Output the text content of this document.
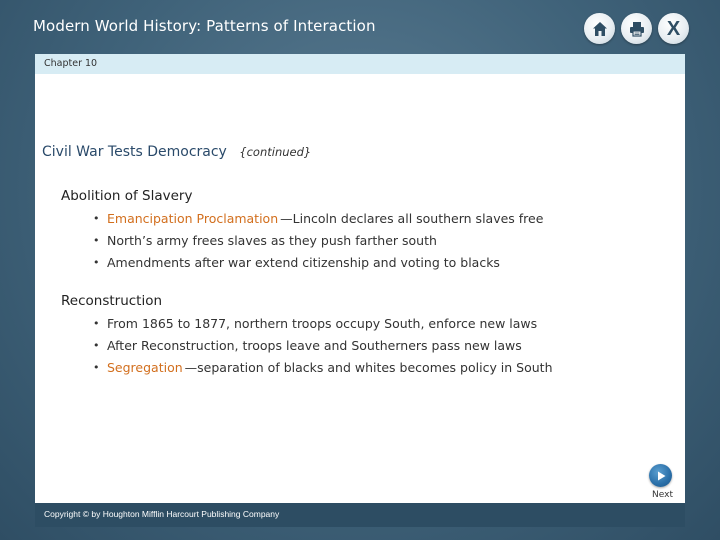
Modern World History: Patterns of Interaction	X
Chapter 10
Civil War Tests Democracy {continued}
Abolition of Slavery
• Emancipation Proclamation —Lincoln declares all southern slaves free
• North’s army frees slaves as they push farther south
• Amendments after war extend citizenship and voting to blacks
Reconstruction
• From 1865 to 1877, northern troops occupy South, enforce new laws
• After Reconstruction, troops leave and Southerners pass new laws
• Segregation —separation of blacks and whites becomes policy in South
Next
Copyright © by Houghton Mifflin Harcourt Publishing Company
